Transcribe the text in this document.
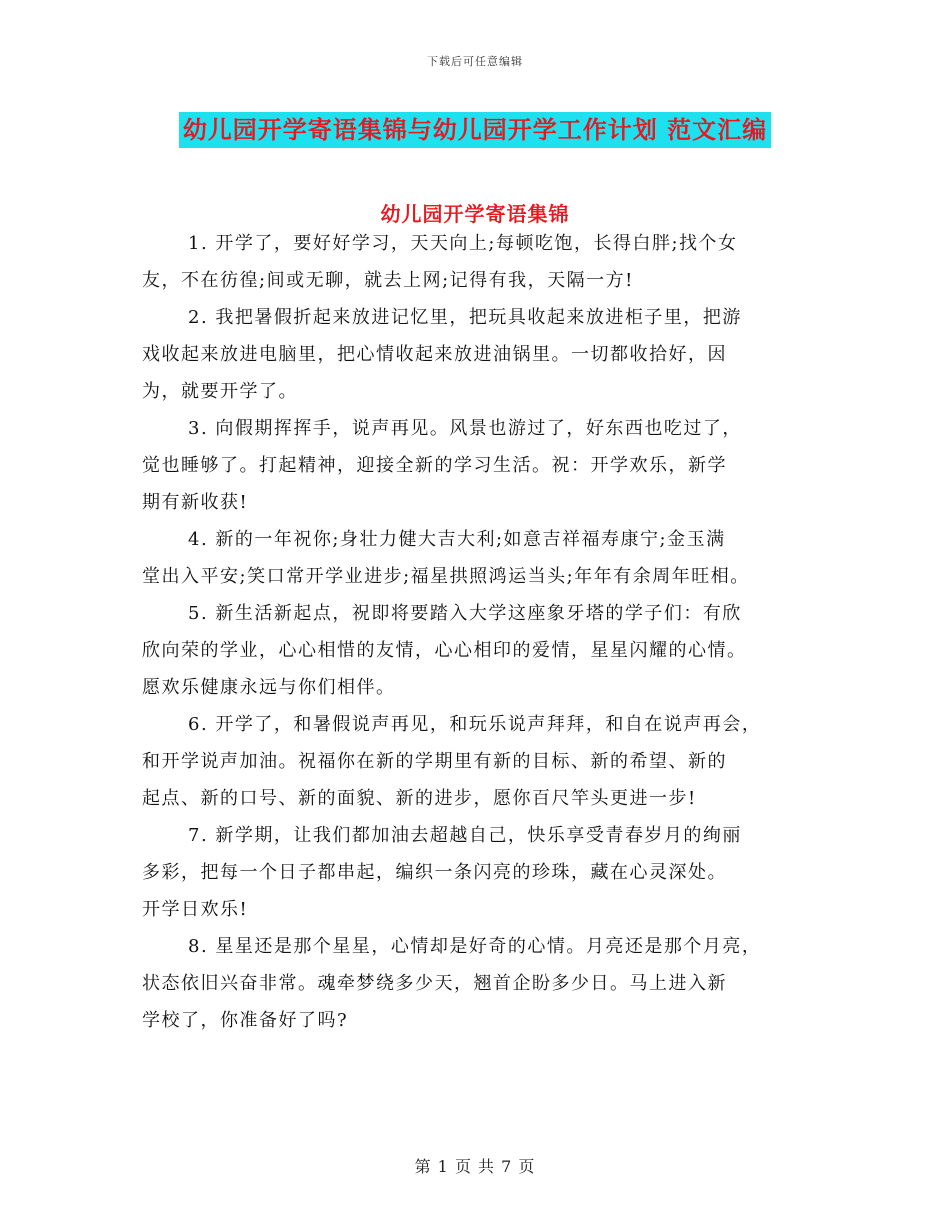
下载后可任意编辑
幼儿园开学寄语集锦与幼儿园开学工作计划 范文汇编
幼儿园开学寄语集锦

1. 开学了，要好好学习，天天向上;每顿吃饱，长得白胖;找个女
友，不在彷徨;间或无聊，就去上网;记得有我，天隔一方!

2. 我把暑假折起来放进记忆里，把玩具收起来放进柜子里，把游
戏收起来放进电脑里，把心情收起来放进油锅里。一切都收拾好，因
为，就要开学了。

3. 向假期挥挥手，说声再见。风景也游过了，好东西也吃过了，
觉也睡够了。打起精神，迎接全新的学习生活。祝：开学欢乐，新学
期有新收获!

4. 新的一年祝你;身壮力健大吉大利;如意吉祥福寿康宁;金玉满
堂出入平安;笑口常开学业进步;福星拱照鸿运当头;年年有余周年旺相。

5. 新生活新起点，祝即将要踏入大学这座象牙塔的学子们：有欣
欣向荣的学业，心心相惜的友情，心心相印的爱情，星星闪耀的心情。
愿欢乐健康永远与你们相伴。

6. 开学了，和暑假说声再见，和玩乐说声拜拜，和自在说声再会，
和开学说声加油。祝福你在新的学期里有新的目标、新的希望、新的
起点、新的口号、新的面貌、新的进步，愿你百尺竿头更进一步!

7. 新学期，让我们都加油去超越自己，快乐享受青春岁月的绚丽
多彩，把每一个日子都串起，编织一条闪亮的珍珠，藏在心灵深处。
开学日欢乐!

8. 星星还是那个星星，心情却是好奇的心情。月亮还是那个月亮，
状态依旧兴奋非常。魂牵梦绕多少天，翘首企盼多少日。马上进入新
学校了，你准备好了吗?

第 1 页 共 7 页
